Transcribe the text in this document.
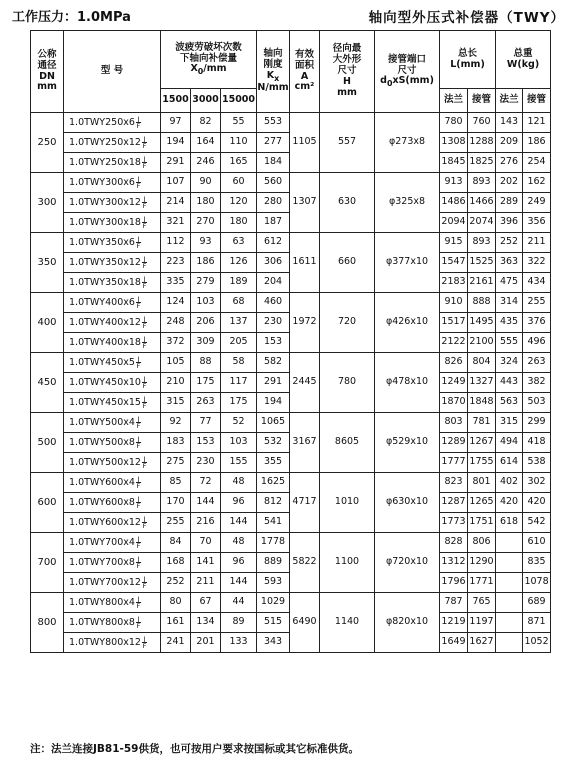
工作压力：1.0MPa	轴向型外压式补偿器（TWY）
公称
通径
DN
mm	型 号	波疲劳破坏次数
下轴向补偿量
$X_0/mm$			轴向
刚度
$K_x$
N/mm	有效
面积
A
cm²	径向最
大外形
尺寸
H
mm	接管端口
尺寸
$d_0xS(mm)$	总长
L(mm)		总重
W(kg)	
		1500	3000	15000					法兰	接管	法兰	接管
250	$1.0TWY250x6 \frac{J}{F}$	97	82	55	553	1105	557	φ273x8	780	760	143	121
	$1.0TWY250x12 \frac{J}{F}$	194	164	110	277				1308	1288	209	186
	$1.0TWY250x18 \frac{J}{F}$	291	246	165	184				1845	1825	276	254
300	$1.0TWY300x6 \frac{J}{F}$	107	90	60	560	1307	630	φ325x8	913	893	202	162
	$1.0TWY300x12 \frac{J}{F}$	214	180	120	280				1486	1466	289	249
	$1.0TWY300x18 \frac{J}{F}$	321	270	180	187				2094	2074	396	356
350	$1.0TWY350x6 \frac{J}{F}$	112	93	63	612	1611	660	φ377x10	915	893	252	211
	$1.0TWY350x12 \frac{J}{F}$	223	186	126	306				1547	1525	363	322
	$1.0TWY350x18 \frac{J}{F}$	335	279	189	204				2183	2161	475	434
400	$1.0TWY400x6 \frac{J}{F}$	124	103	68	460	1972	720	φ426x10	910	888	314	255
	$1.0TWY400x12 \frac{J}{F}$	248	206	137	230				1517	1495	435	376
	$1.0TWY400x18 \frac{J}{F}$	372	309	205	153				2122	2100	555	496
450	$1.0TWY450x5 \frac{J}{F}$	105	88	58	582	2445	780	φ478x10	826	804	324	263
	$1.0TWY450x10 \frac{J}{F}$	210	175	117	291				1249	1327	443	382
	$1.0TWY450x15 \frac{J}{F}$	315	263	175	194				1870	1848	563	503
500	$1.0TWY500x4 \frac{J}{F}$	92	77	52	1065	3167	8605	φ529x10	803	781	315	299
	$1.0TWY500x8 \frac{J}{F}$	183	153	103	532				1289	1267	494	418
	$1.0TWY500x12 \frac{J}{F}$	275	230	155	355				1777	1755	614	538
600	$1.0TWY600x4 \frac{J}{F}$	85	72	48	1625	4717	1010	φ630x10	823	801	402	302
	$1.0TWY600x8 \frac{J}{F}$	170	144	96	812				1287	1265	420	420
	$1.0TWY600x12 \frac{J}{F}$	255	216	144	541				1773	1751	618	542
700	$1.0TWY700x4 \frac{J}{F}$	84	70	48	1778	5822	1100	φ720x10	828	806		610
	$1.0TWY700x8 \frac{J}{F}$	168	141	96	889				1312	1290		835
	$1.0TWY700x12 \frac{J}{F}$	252	211	144	593				1796	1771		1078
800	$1.0TWY800x4 \frac{J}{F}$	80	67	44	1029	6490	1140	φ820x10	787	765		689
	$1.0TWY800x8 \frac{J}{F}$	161	134	89	515				1219	1197		871
	$1.0TWY800x12 \frac{J}{F}$	241	201	133	343				1649	1627		1052
注：法兰连接JB81-59供货，也可按用户要求按国标或其它标准供货。
